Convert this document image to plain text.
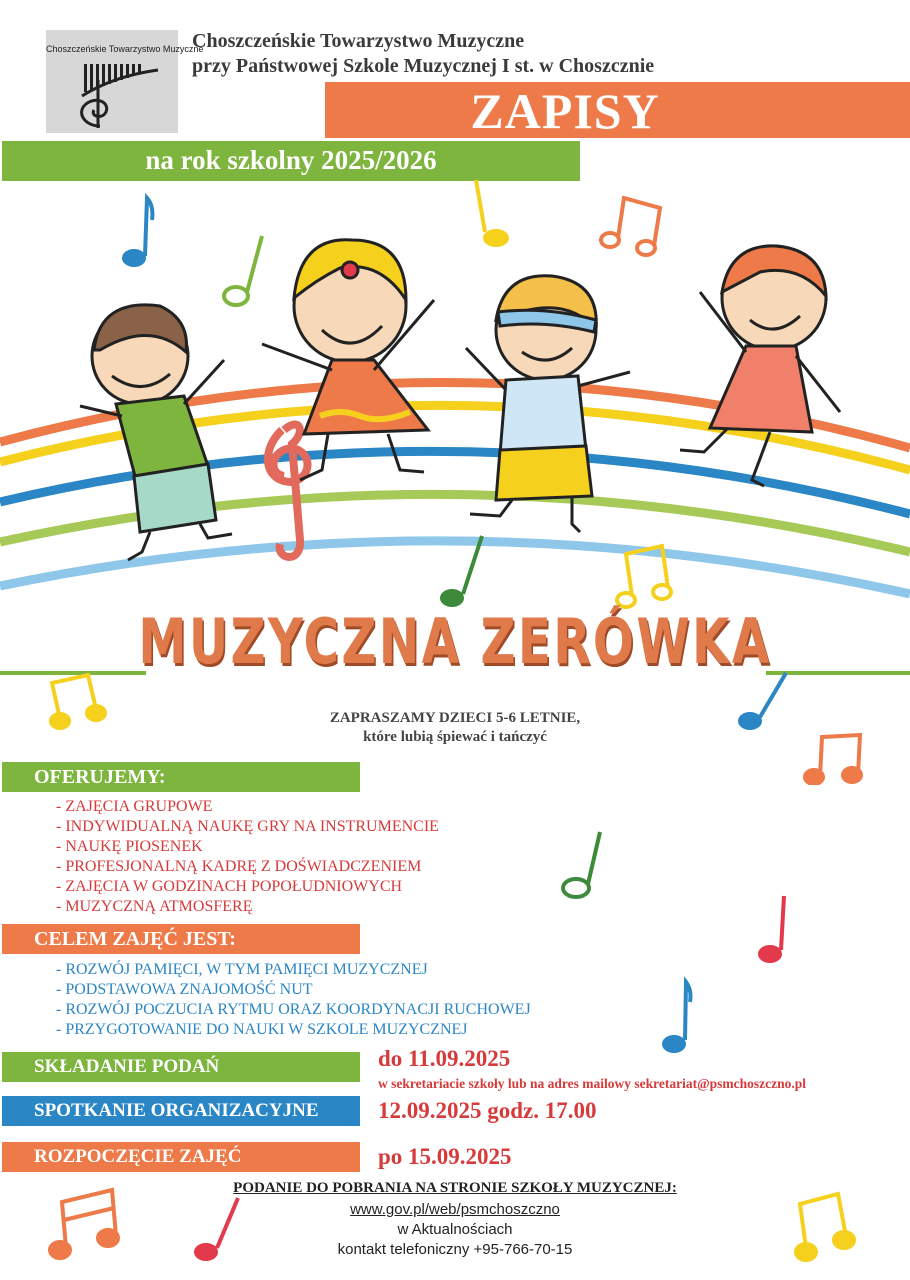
Choszczeńskie Towarzystwo Muzyczne
Choszczeńskie Towarzystwo Muzyczne
przy Państwowej Szkole Muzycznej I st. w Choszcznie
ZAPISY
na rok szkolny 2025/2026
MUZYCZNA ZERÓWKA
ZAPRASZAMY DZIECI 5-6 LETNIE,
które lubią śpiewać i tańczyć
OFERUJEMY:
- ZAJĘCIA GRUPOWE
- INDYWIDUALNĄ NAUKĘ GRY NA INSTRUMENCIE
- NAUKĘ PIOSENEK
- PROFESJONALNĄ KADRĘ Z DOŚWIADCZENIEM
- ZAJĘCIA W GODZINACH POPOŁUDNIOWYCH
- MUZYCZNĄ ATMOSFERĘ
CELEM ZAJĘĆ JEST:
- ROZWÓJ PAMIĘCI, W TYM PAMIĘCI MUZYCZNEJ
- PODSTAWOWA ZNAJOMOŚĆ NUT
- ROZWÓJ POCZUCIA RYTMU ORAZ KOORDYNACJI RUCHOWEJ
- PRZYGOTOWANIE DO NAUKI W SZKOLE MUZYCZNEJ
SKŁADANIE PODAŃ	do 11.09.2025
w sekretariacie szkoły lub na adres mailowy sekretariat@psmchoszczno.pl
SPOTKANIE ORGANIZACYJNE	12.09.2025 godz. 17.00
ROZPOCZĘCIE ZAJĘĆ	po 15.09.2025
PODANIE DO POBRANIA NA STRONIE SZKOŁY MUZYCZNEJ:
www.gov.pl/web/psmchoszczno
w Aktualnościach
kontakt telefoniczny +95-766-70-15
